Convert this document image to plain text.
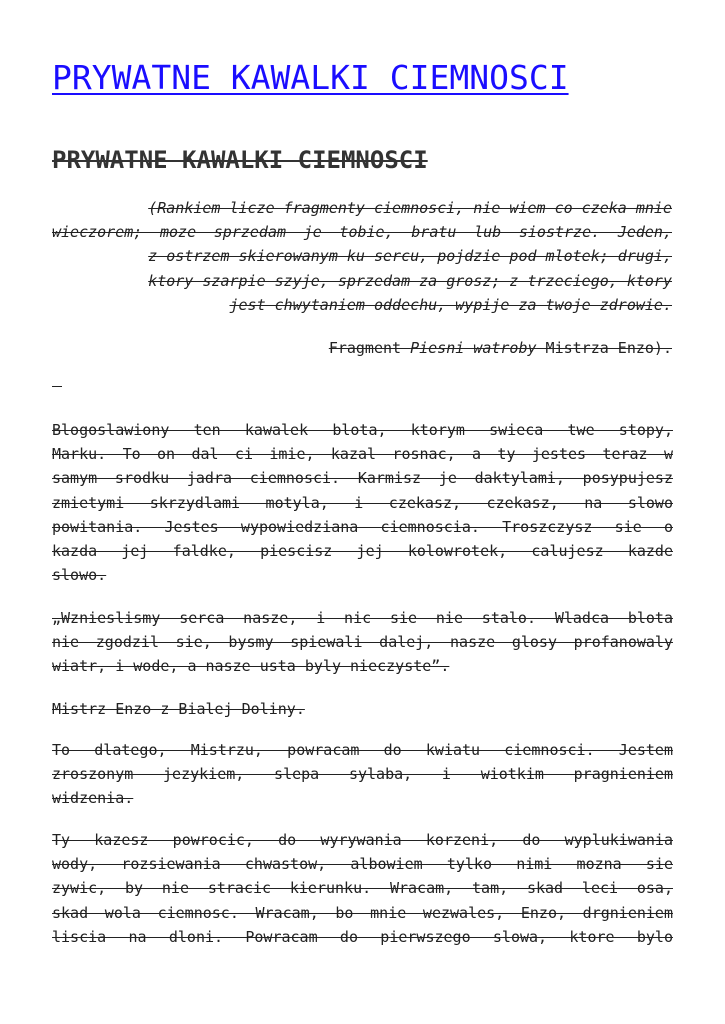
PRYWATNE KAWALKI CIEMNOSCI
PRYWATNE KAWALKI CIEMNOSCI

(Rankiem licze fragmenty ciemnosci, nie wiem co czeka mnie
wieczorem; moze sprzedam je tobie, bratu lub siostrze. Jeden,
z ostrzem skierowanym ku sercu, pojdzie pod mlotek; drugi,
ktory szarpie szyje, sprzedam za grosz; z trzeciego, ktory
jest chwytaniem oddechu, wypije za twoje zdrowie.

Fragment Piesni watroby Mistrza Enzo).

Blogoslawiony ten kawalek blota, ktorym swieca twe stopy,
Marku. To on dal ci imie, kazal rosnac, a ty jestes teraz w
samym srodku jadra ciemnosci. Karmisz je daktylami, posypujesz
zmietymi skrzydlami motyla, i czekasz, czekasz, na slowo
powitania. Jestes wypowiedziana ciemnoscia. Troszczysz sie o
kazda jej faldke, piescisz jej kolowrotek, calujesz kazde
slowo.

„Wznieslismy serca nasze, i nic sie nie stalo. Wladca blota
nie zgodzil sie, bysmy spiewali dalej, nasze glosy profanowaly
wiatr, i wode, a nasze usta byly nieczyste”.

Mistrz Enzo z Bialej Doliny.

To dlatego, Mistrzu, powracam do kwiatu ciemnosci. Jestem
zroszonym jezykiem, slepa sylaba, i wiotkim pragnieniem
widzenia.

Ty kazesz powrocic, do wyrywania korzeni, do wyplukiwania
wody, rozsiewania chwastow, albowiem tylko nimi mozna sie
zywic, by nie stracic kierunku. Wracam, tam, skad leci osa,
skad wola ciemnosc. Wracam, bo mnie wezwales, Enzo, drgnieniem
liscia na dloni. Powracam do pierwszego slowa, ktore bylo
